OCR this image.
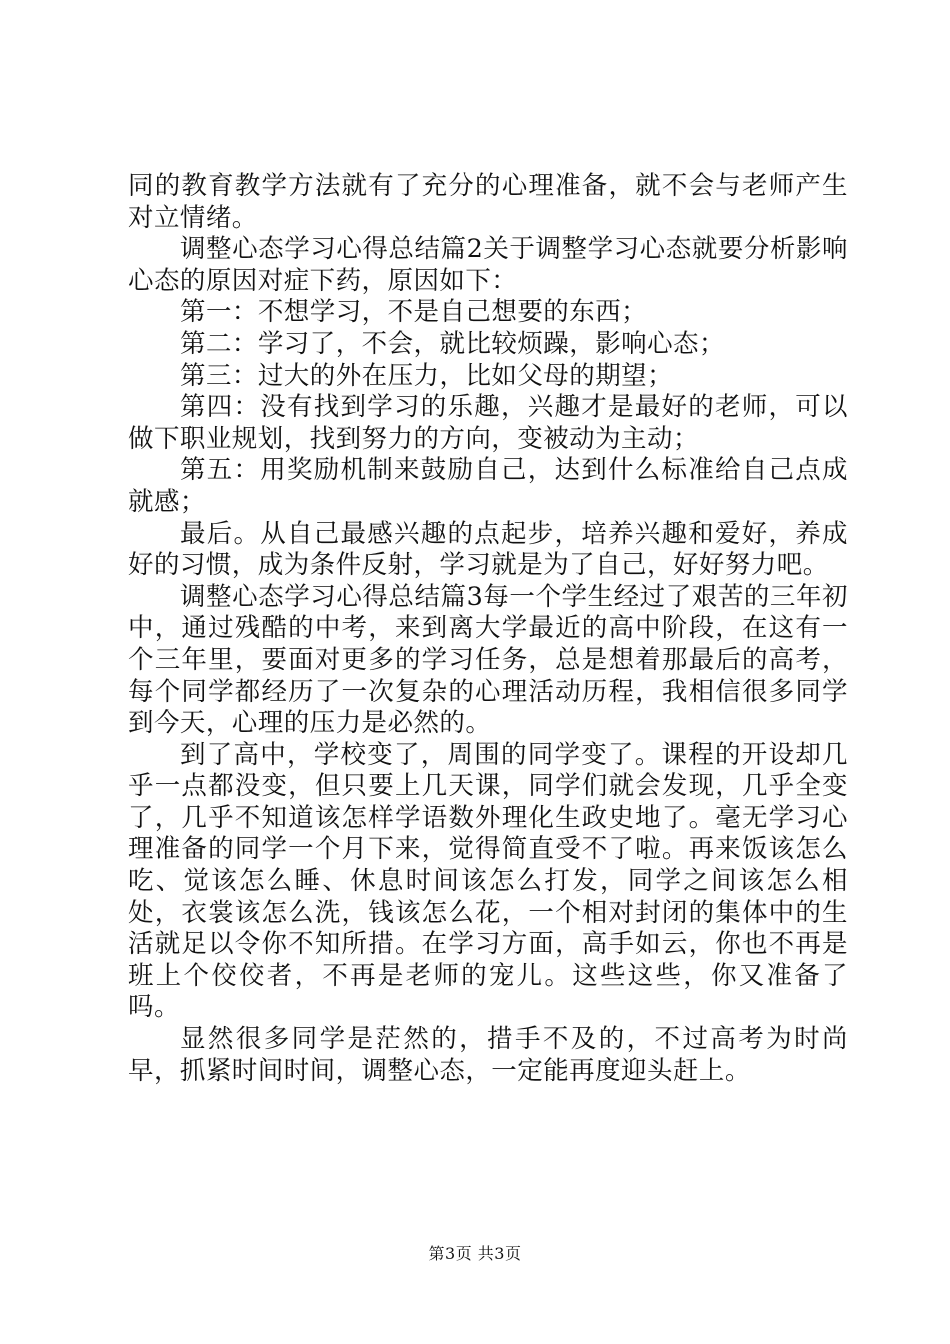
同的教育教学方法就有了充分的心理准备，就不会与老师产生对立情绪。

调整心态学习心得总结篇2关于调整学习心态就要分析影响心态的原因对症下药，原因如下：

第一：不想学习，不是自己想要的东西；

第二：学习了，不会，就比较烦躁，影响心态；

第三：过大的外在压力，比如父母的期望；

第四：没有找到学习的乐趣，兴趣才是最好的老师，可以做下职业规划，找到努力的方向，变被动为主动；

第五：用奖励机制来鼓励自己，达到什么标准给自己点成就感；

最后。从自己最感兴趣的点起步，培养兴趣和爱好，养成好的习惯，成为条件反射，学习就是为了自己，好好努力吧。

调整心态学习心得总结篇3每一个学生经过了艰苦的三年初中，通过残酷的中考，来到离大学最近的高中阶段，在这有一个三年里，要面对更多的学习任务，总是想着那最后的高考，每个同学都经历了一次复杂的心理活动历程，我相信很多同学到今天，心理的压力是必然的。

到了高中，学校变了，周围的同学变了。课程的开设却几乎一点都没变，但只要上几天课，同学们就会发现，几乎全变了，几乎不知道该怎样学语数外理化生政史地了。毫无学习心理准备的同学一个月下来，觉得简直受不了啦。再来饭该怎么吃、觉该怎么睡、休息时间该怎么打发，同学之间该怎么相处，衣裳该怎么洗，钱该怎么花，一个相对封闭的集体中的生活就足以令你不知所措。在学习方面，高手如云，你也不再是班上个佼佼者，不再是老师的宠儿。这些这些，你又准备了吗。

显然很多同学是茫然的，措手不及的，不过高考为时尚早，抓紧时间时间，调整心态，一定能再度迎头赶上。

第3页 共3页
